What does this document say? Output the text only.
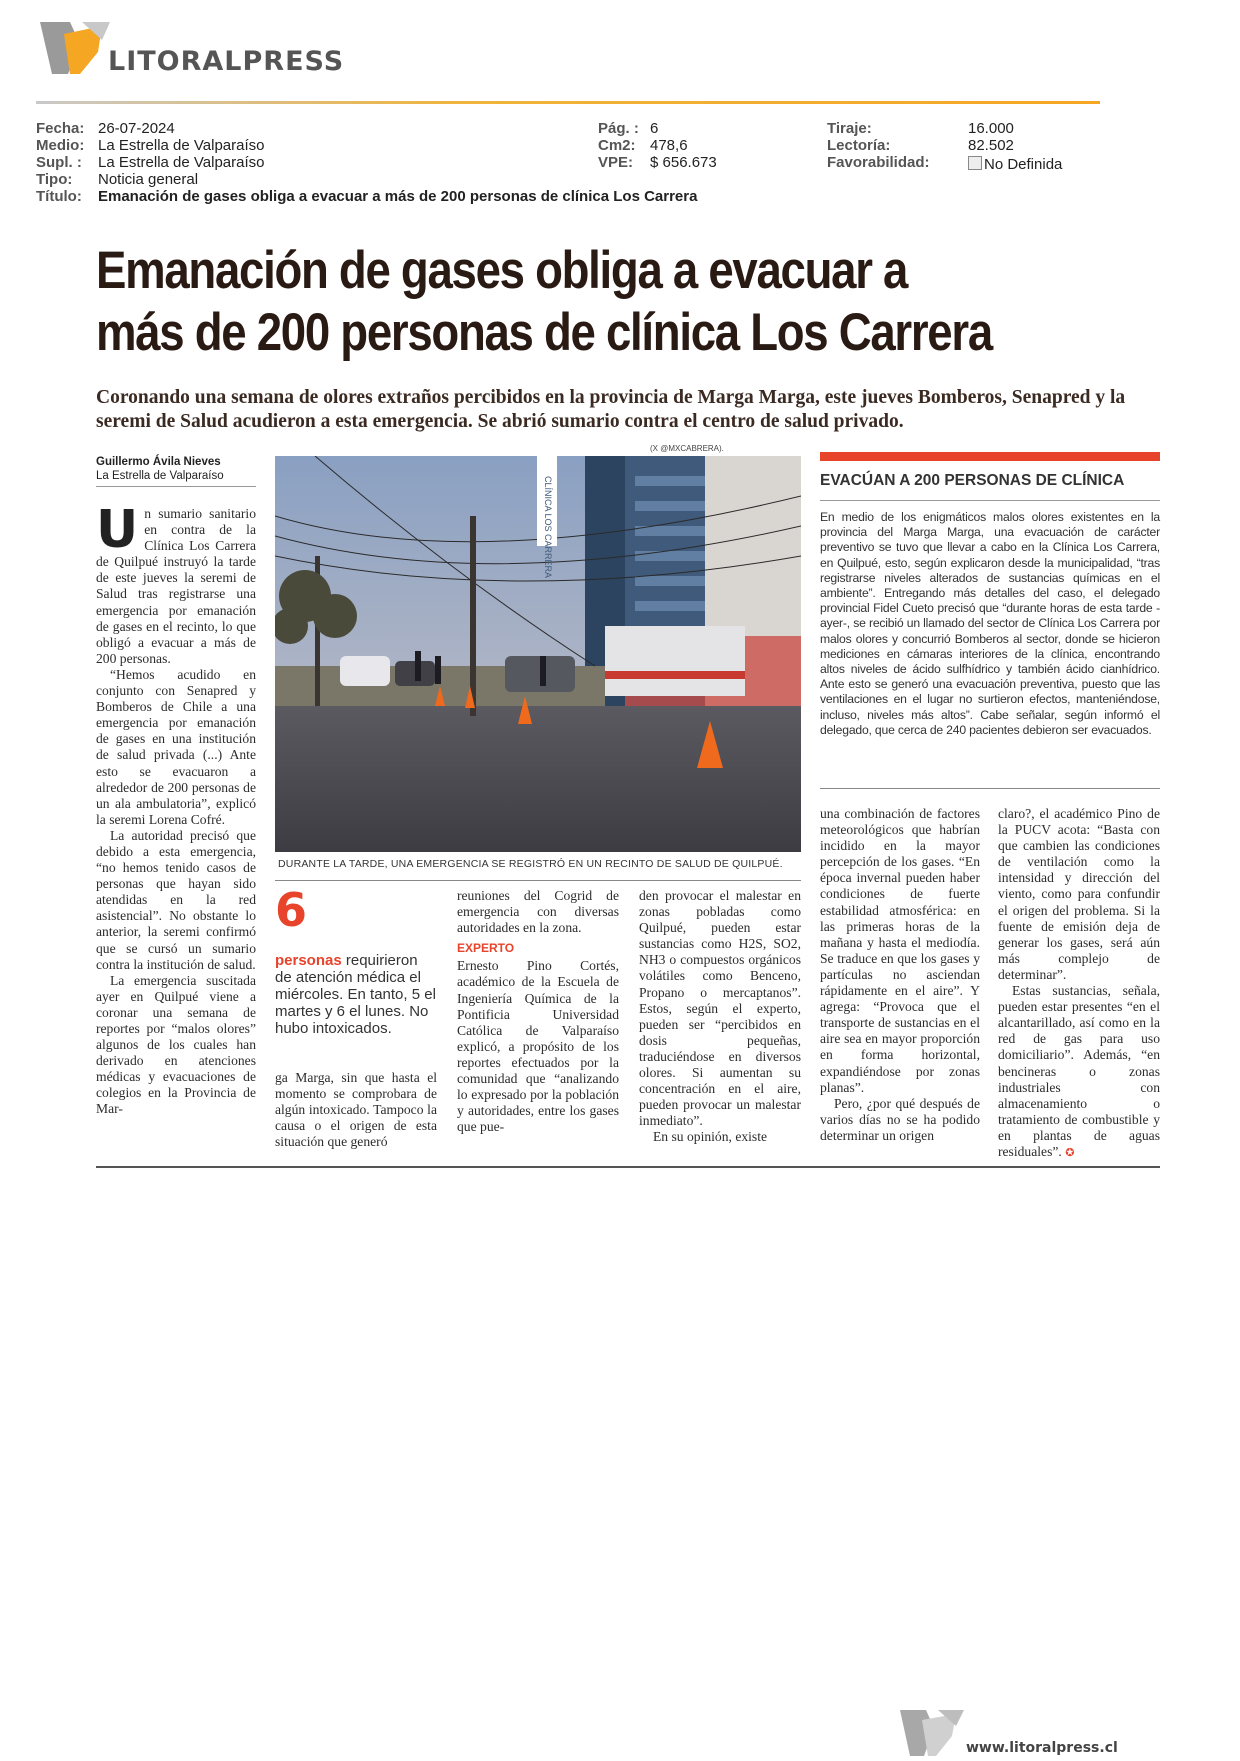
LITORALPRESS
Fecha: 26-07-2024
Medio: La Estrella de Valparaíso
Supl. : La Estrella de Valparaíso
Tipo: Noticia general
Título: Emanación de gases obliga a evacuar a más de 200 personas de clínica Los Carrera
Pág. : 6
Cm2: 478,6
VPE: $ 656.673
Tiraje:	16.000
Lectoría:	82.502
Favorabilidad:	No Definida
Emanación de gases obliga a evacuar a
más de 200 personas de clínica Los Carrera
Coronando una semana de olores extraños percibidos en la provincia de Marga Marga, este jueves Bomberos, Senapred y la seremi de Salud acudieron a esta emergencia. Se abrió sumario contra el centro de salud privado.
Guillermo Ávila Nieves
La Estrella de Valparaíso
U n sumario sanitario en contra de la Clínica Los Carrera de Quilpué instruyó la tarde de este jueves la seremi de Salud tras registrarse una emergencia por emanación de gases en el recinto, lo que obligó a evacuar a más de 200 personas.

“Hemos acudido en conjunto con Senapred y Bomberos de Chile a una emergencia por emanación de gases en una institución de salud privada (...) Ante esto se evacuaron a alrededor de 200 personas de un ala ambulatoria”, explicó la seremi Lorena Cofré.

La autoridad precisó que debido a esta emergencia, “no hemos tenido casos de personas que hayan sido atendidas en la red asistencial”. No obstante lo anterior, la seremi confirmó que se cursó un sumario contra la institución de salud.

La emergencia suscitada ayer en Quilpué viene a coronar una semana de reportes por “malos olores” algunos de los cuales han derivado en atenciones médicas y evacuaciones de colegios en la Provincia de Mar-

(X @MXCABRERA).
CLÍNICA LOS CARRERA
DURANTE LA TARDE, UNA EMERGENCIA SE REGISTRÓ EN UN RECINTO DE SALUD DE QUILPUÉ.
6
personas requirieron de atención médica el miércoles. En tanto, 5 el martes y 6 el lunes. No hubo intoxicados.

ga Marga, sin que hasta el momento se comprobara de algún intoxicado. Tampoco la causa o el origen de esta situación que generó

reuniones del Cogrid de emergencia con diversas autoridades en la zona.

EXPERTO

Ernesto Pino Cortés, académico de la Escuela de Ingeniería Química de la Pontificia Universidad Católica de Valparaíso explicó, a propósito de los reportes efectuados por la comunidad que “analizando lo expresado por la población y autoridades, entre los gases que pue-

den provocar el malestar en zonas pobladas como Quilpué, pueden estar sustancias como H2S, SO2, NH3 o compuestos orgánicos volátiles como Benceno, Propano o mercaptanos”. Estos, según el experto, pueden ser “percibidos en dosis pequeñas, traduciéndose en diversos olores. Si aumentan su concentración en el aire, pueden provocar un malestar inmediato”.

En su opinión, existe

EVACÚAN A 200 PERSONAS DE CLÍNICA
En medio de los enigmáticos malos olores existentes en la provincia del Marga Marga, una evacuación de carácter preventivo se tuvo que llevar a cabo en la Clínica Los Carrera, en Quilpué, esto, según explicaron desde la municipalidad, “tras registrarse niveles alterados de sustancias químicas en el ambiente”. Entregando más detalles del caso, el delegado provincial Fidel Cueto precisó que “durante horas de esta tarde -ayer-, se recibió un llamado del sector de Clínica Los Carrera por malos olores y concurrió Bomberos al sector, donde se hicieron mediciones en cámaras interiores de la clínica, encontrando altos niveles de ácido sulfhídrico y también ácido cianhídrico. Ante esto se generó una evacuación preventiva, puesto que las ventilaciones en el lugar no surtieron efectos, manteniéndose, incluso, niveles más altos”. Cabe señalar, según informó el delegado, que cerca de 240 pacientes debieron ser evacuados.

una combinación de factores meteorológicos que habrían incidido en la mayor percepción de los gases. “En época invernal pueden haber condiciones de fuerte estabilidad atmosférica: en las primeras horas de la mañana y hasta el mediodía. Se traduce en que los gases y partículas no asciendan rápidamente en el aire”. Y agrega: “Provoca que el transporte de sustancias en el aire sea en mayor proporción en forma horizontal, expandiéndose por zonas planas”.

Pero, ¿por qué después de varios días no se ha podido determinar un origen

claro?, el académico Pino de la PUCV acota: “Basta con que cambien las condiciones de ventilación como la intensidad y dirección del viento, como para confundir el origen del problema. Si la fuente de emisión deja de generar los gases, será aún más complejo de determinar”.

Estas sustancias, señala, pueden estar presentes “en el alcantarillado, así como en la red de gas para uso domiciliario”. Además, “en bencineras o zonas industriales con almacenamiento o tratamiento de combustible y en plantas de aguas residuales”. ✪

www.litoralpress.cl
